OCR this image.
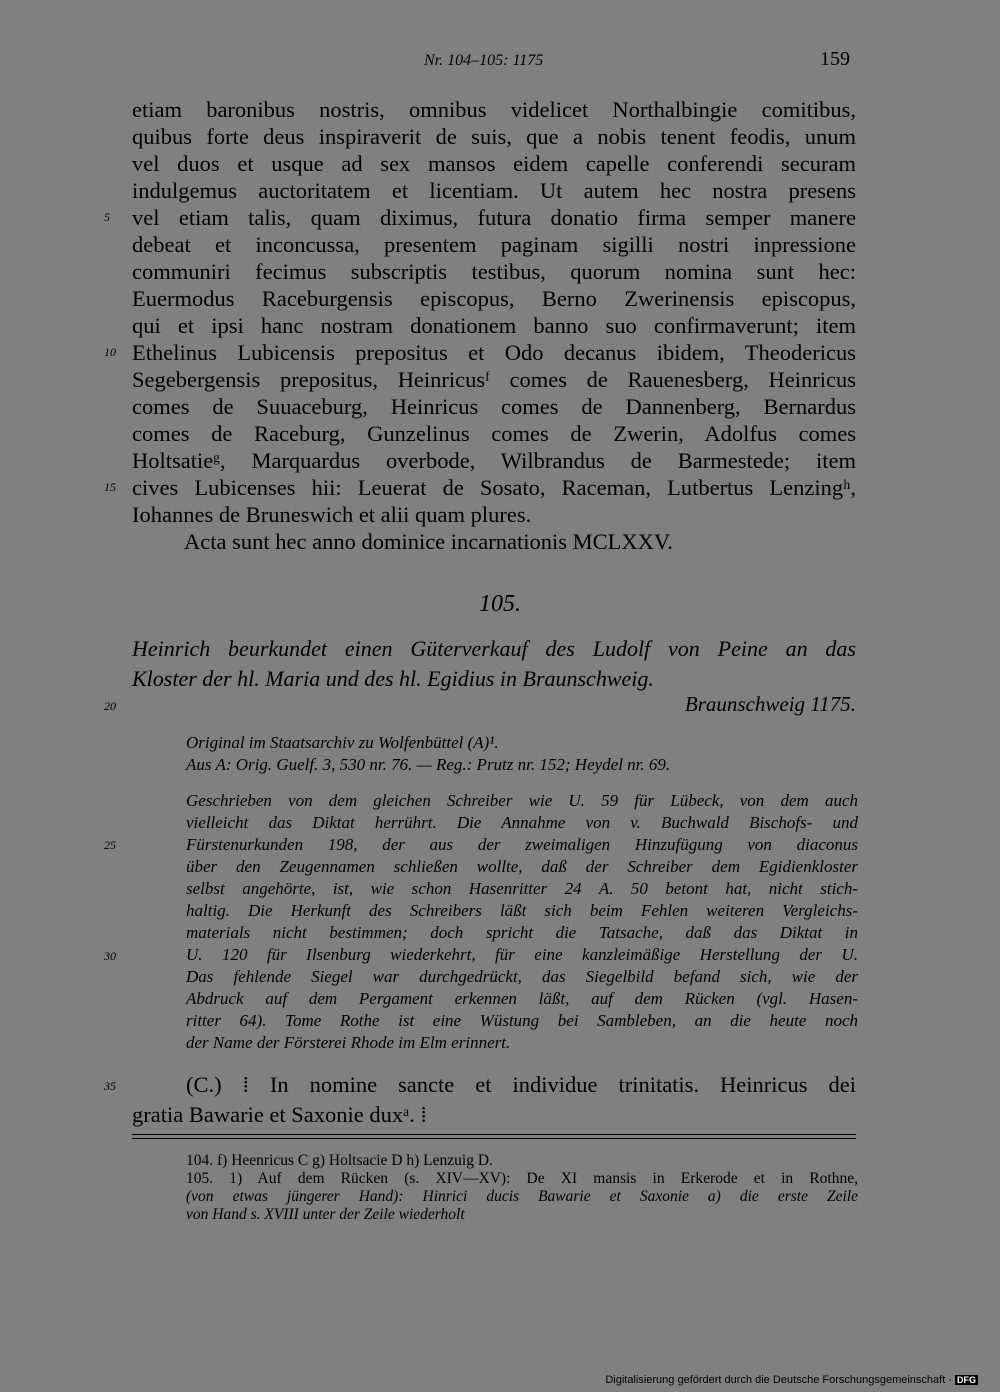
Nr. 104–105: 1175	159
etiam baronibus nostris, omnibus videlicet Northalbingie comitibus,
quibus forte deus inspiraverit de suis, que a nobis tenent feodis, unum
vel duos et usque ad sex mansos eidem capelle conferendi securam
indulgemus auctoritatem et licentiam. Ut autem hec nostra presens
vel etiam talis, quam diximus, futura donatio firma semper manere
debeat et inconcussa, presentem paginam sigilli nostri inpressione
communiri fecimus subscriptis testibus, quorum nomina sunt hec:
Euermodus Raceburgensis episcopus, Berno Zwerinensis episcopus,
qui et ipsi hanc nostram donationem banno suo confirmaverunt; item
Ethelinus Lubicensis prepositus et Odo decanus ibidem, Theodericus
Segebergensis prepositus, Heinricusᶠ comes de Rauenesberg, Heinricus
comes de Suuaceburg, Heinricus comes de Dannenberg, Bernardus
comes de Raceburg, Gunzelinus comes de Zwerin, Adolfus comes
Holtsatieᵍ, Marquardus overbode, Wilbrandus de Barmestede; item
cives Lubicenses hii: Leuerat de Sosato, Raceman, Lutbertus Lenzingʰ,
Iohannes de Bruneswich et alii quam plures.
Acta sunt hec anno dominice incarnationis MCLXXV.
5
10
15
20
25
30
35
105.
Heinrich beurkundet einen Güterverkauf des Ludolf von Peine an das
Kloster der hl. Maria und des hl. Egidius in Braunschweig.
Braunschweig 1175.
Original im Staatsarchiv zu Wolfenbüttel (A)¹.
Aus A: Orig. Guelf. 3, 530 nr. 76. — Reg.: Prutz nr. 152; Heydel nr. 69.
Geschrieben von dem gleichen Schreiber wie U. 59 für Lübeck, von dem auch
vielleicht das Diktat herrührt. Die Annahme von v. Buchwald Bischofs- und
Fürstenurkunden 198, der aus der zweimaligen Hinzufügung von diaconus
über den Zeugennamen schließen wollte, daß der Schreiber dem Egidienkloster
selbst angehörte, ist, wie schon Hasenritter 24 A. 50 betont hat, nicht stich-
haltig. Die Herkunft des Schreibers läßt sich beim Fehlen weiteren Vergleichs-
materials nicht bestimmen; doch spricht die Tatsache, daß das Diktat in
U. 120 für Ilsenburg wiederkehrt, für eine kanzleimäßige Herstellung der U.
Das fehlende Siegel war durchgedrückt, das Siegelbild befand sich, wie der
Abdruck auf dem Pergament erkennen läßt, auf dem Rücken (vgl. Hasen-
ritter 64). Tome Rothe ist eine Wüstung bei Sambleben, an die heute noch
der Name der Försterei Rhode im Elm erinnert.
(C.) ⁞ In nomine sancte et individue trinitatis. Heinricus dei
gratia Bawarie et Saxonie duxᵃ. ⁞
104. f) Heenricus C g) Holtsacie D h) Lenzuig D.
105. 1) Auf dem Rücken (s. XIV—XV): De XI mansis in Erkerode et in Rothne,
(von etwas jüngerer Hand): Hinrici ducis Bawarie et Saxonie a) die erste Zeile
von Hand s. XVIII unter der Zeile wiederholt
Digitalisierung gefördert durch die Deutsche Forschungsgemeinschaft · DFG
